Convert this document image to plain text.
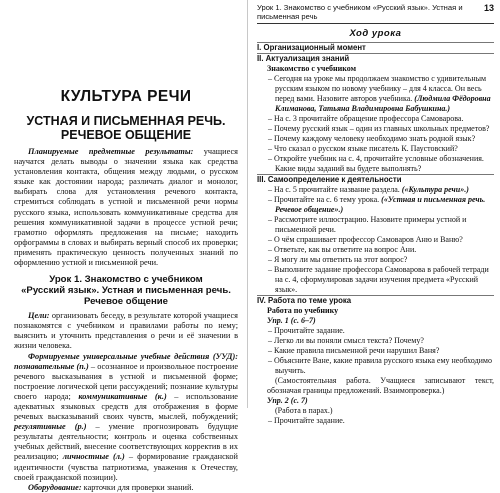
КУЛЬТУРА РЕЧИ
УСТНАЯ И ПИСЬМЕННАЯ РЕЧЬ.
РЕЧЕВОЕ ОБЩЕНИЕ

Планируемые предметные результаты: учащиеся научатся делать выводы о значении языка как средства установления контакта, общения между людьми, о русском языке как достоянии народа; различать диалог и монолог, выбирать слова для установления речевого контакта, стремиться соблюдать в устной и письменной речи нормы русского языка, использовать коммуникативные средства для решения коммуникативной задачи в процессе устной речи; грамотно оформлять предложения на письме; находить орфограммы в словах и выбирать верный способ их проверки; применять практическую ценность полученных знаний по оформлению устной и письменной речи.

Урок 1. Знакомство с учебником
«Русский язык». Устная и письменная речь.
Речевое общение

Цели: организовать беседу, в результате которой учащиеся познакомятся с учебником и правилами работы по нему; выяснить и уточнить представления о речи и её значении в жизни человека.

Формируемые универсальные учебные действия (УУД): познавательные (п.) – осознанное и произвольное построение речевого высказывания в устной и письменной форме; построение логической цепи рассуждений; познание культуры своего народа; коммуникативные (к.) – использование адекватных языковых средств для отображения в форме речевых высказываний своих чувств, мыслей, побуждений; регулятивные (р.) – умение прогнозировать будущие результаты деятельности; контроль и оценка собственных учебных действий, внесение соответствующих корректив в их реализацию; личностные (л.) – формирование гражданской идентичности (чувства патриотизма, уважения к Отечеству, своей гражданской позиции).

Оборудование: карточки для проверки знаний.

Урок 1. Знакомство с учебником «Русский язык». Устная и письменная речь
13
Ход урока
I. Организационный момент
II. Актуализация знаний
Знакомство с учебником
– Сегодня на уроке мы продолжаем знакомство с удивительным русским языком по новому учебнику – для 4 класса. Он весь перед вами. Назовите авторов учебника. (Людмила Фёдоровна Климанова, Татьяна Владимировна Бабушкина.)
– На с. 3 прочитайте обращение профессора Самоварова.
– Почему русский язык – один из главных школьных предметов?
– Почему каждому человеку необходимо знать родной язык?
– Что сказал о русском языке писатель К. Паустовский?
– Откройте учебник на с. 4, прочитайте условные обозначения. Какие виды заданий вы будете выполнять?
III. Самоопределение к деятельности
– На с. 5 прочитайте название раздела. («Культура речи».)
– Прочитайте на с. 6 тему урока. («Устная и письменная речь. Речевое общение».)
– Рассмотрите иллюстрацию. Назовите примеры устной и письменной речи.
– О чём спрашивает профессор Самоваров Аню и Ваню?
– Ответьте, как вы ответите на вопрос Ани.
– Я могу ли мы ответить на этот вопрос?
– Выполните задание профессора Самоварова в рабочей тетради на с. 4, сформулировав задачи изучения предмета «Русский язык».
IV. Работа по теме урока
Работа по учебнику
Упр. 1 (с. 6–7)
– Прочитайте задание.
– Легко ли вы поняли смысл текста? Почему?
– Какие правила письменной речи нарушил Ваня?
– Объясните Ване, какие правила русского языка ему необходимо выучить.
(Самостоятельная работа. Учащиеся записывают текст, обозначая границы предложений. Взаимопроверка.)
Упр. 2 (с. 7)
(Работа в парах.)
– Прочитайте задание.
